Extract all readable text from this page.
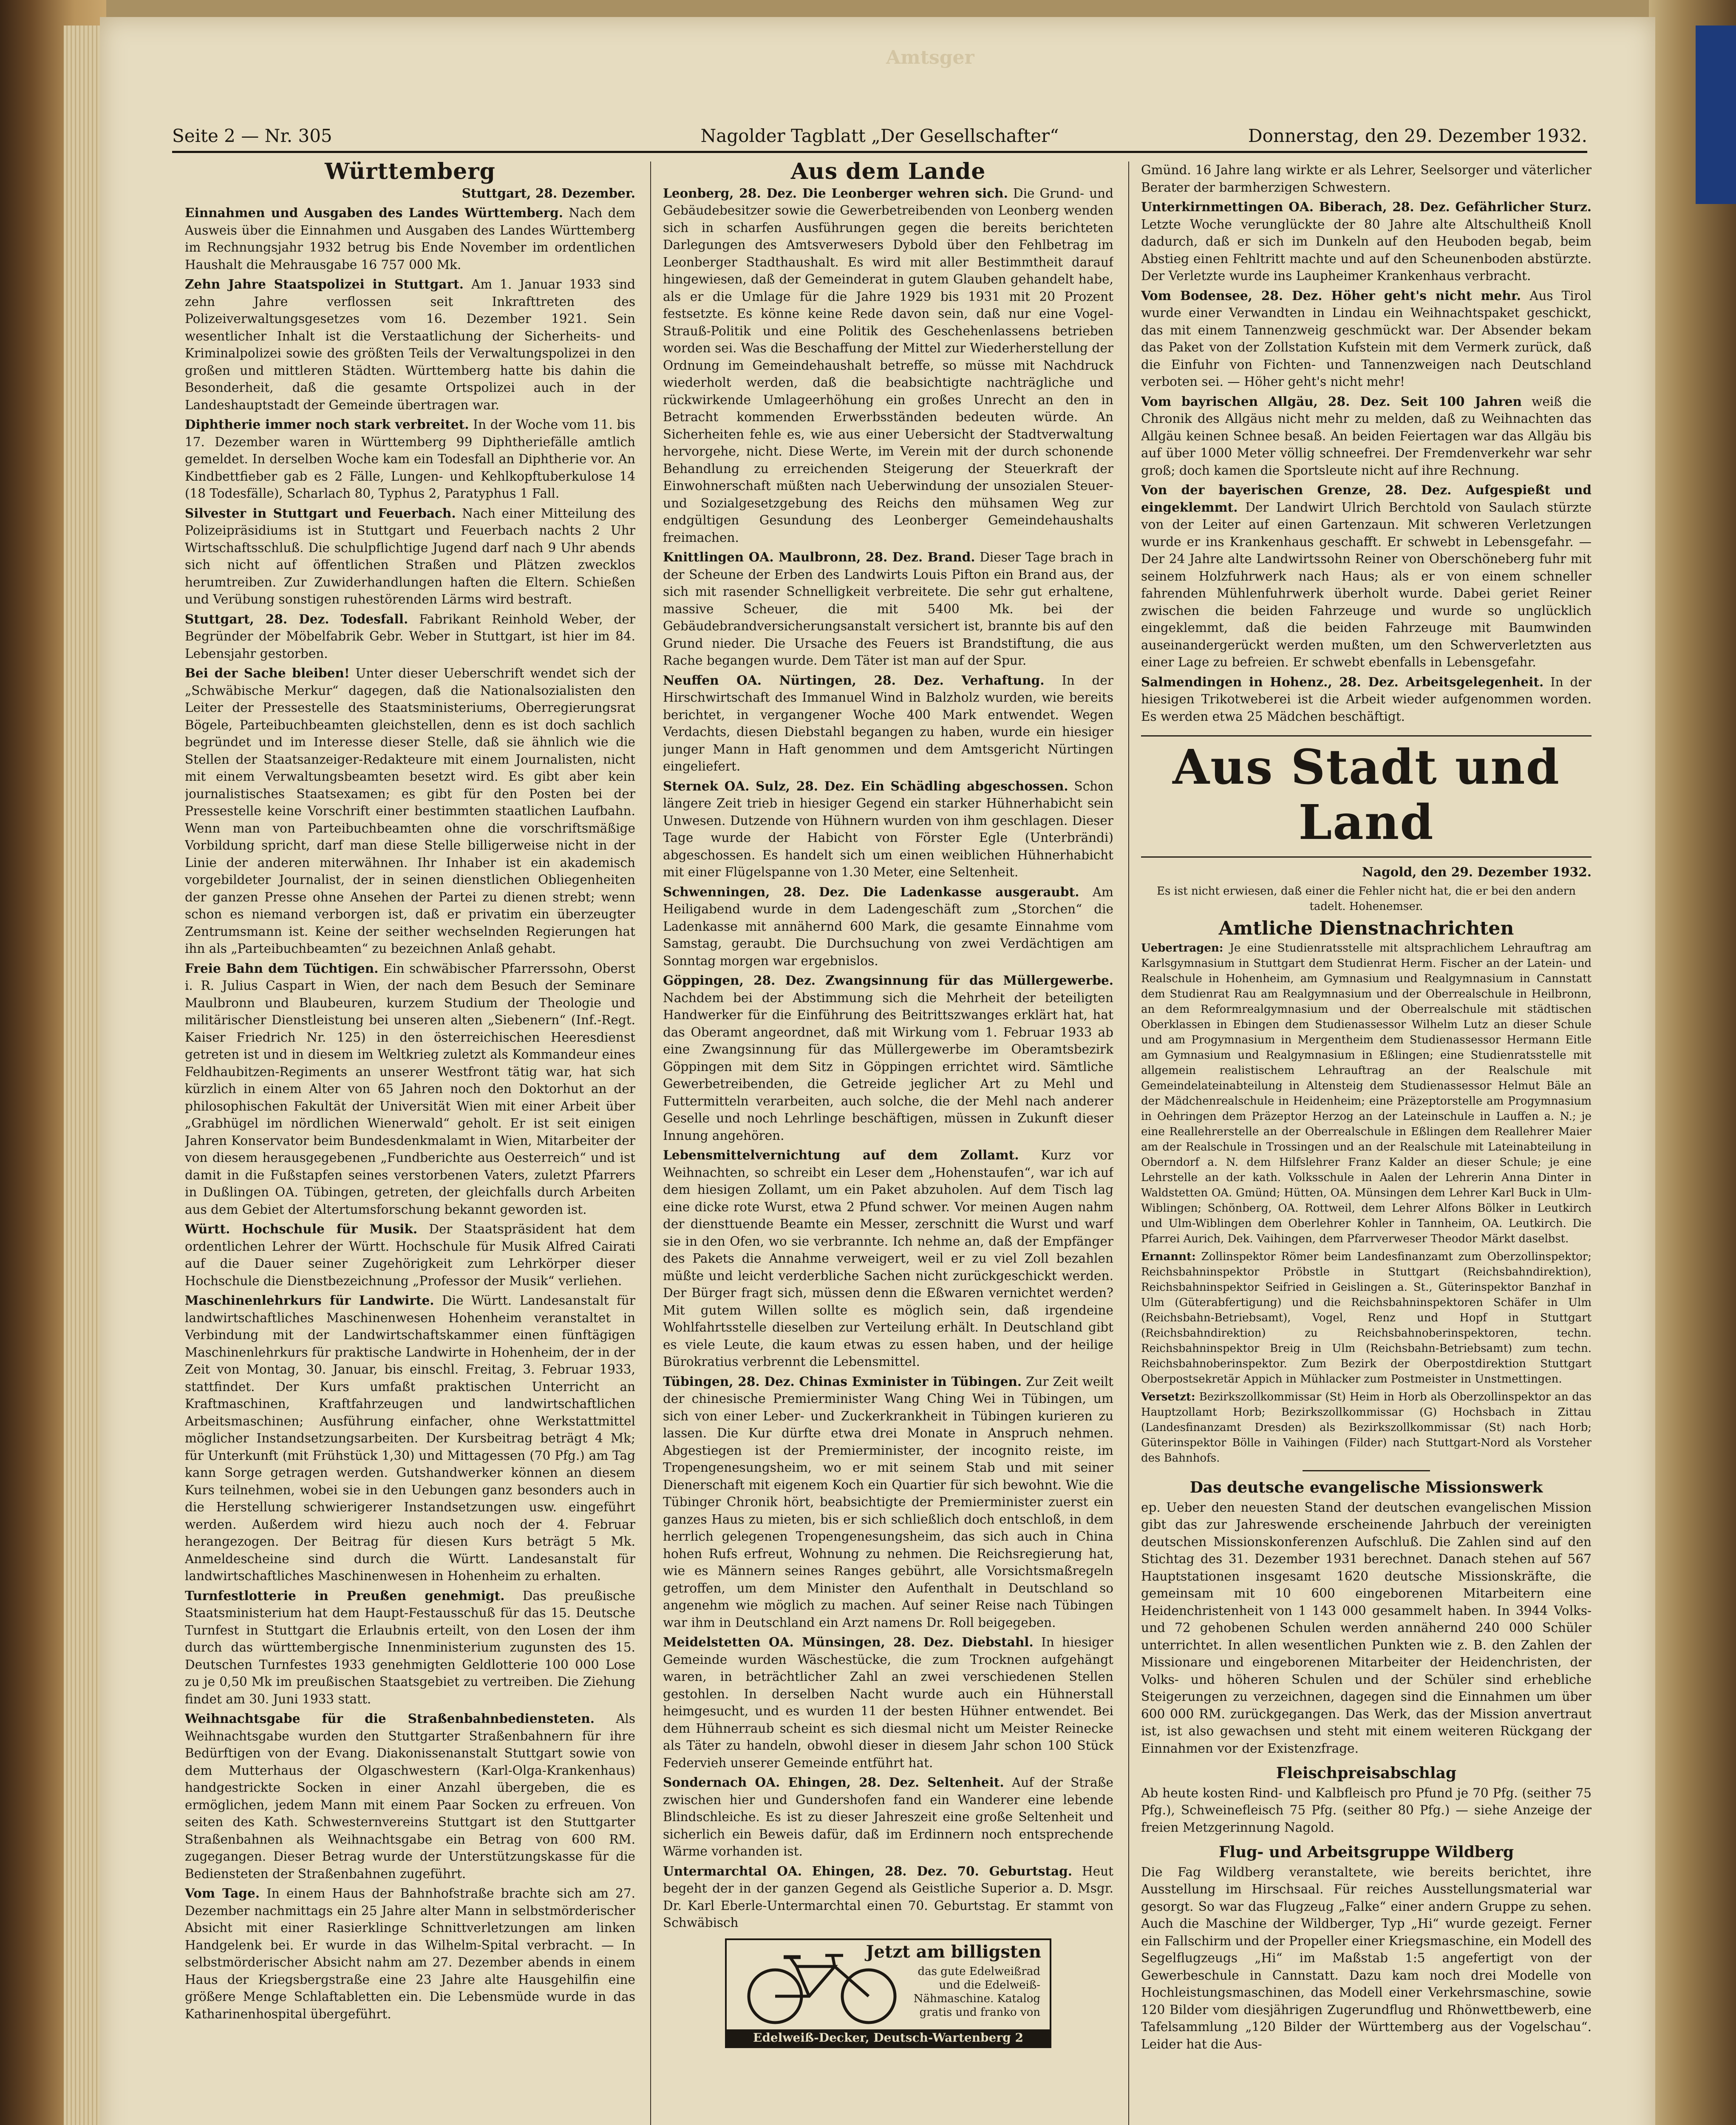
Amtsger
Seite 2 — Nr. 305	Nagolder Tagblatt „Der Gesellschafter“	Donnerstag, den 29. Dezember 1932.
Württemberg
Stuttgart, 28. Dezember.

Einnahmen und Ausgaben des Landes Württemberg. Nach dem Ausweis über die Einnahmen und Ausgaben des Landes Württemberg im Rechnungsjahr 1932 betrug bis Ende November im ordentlichen Haushalt die Mehrausgabe 16 757 000 Mk.

Zehn Jahre Staatspolizei in Stuttgart. Am 1. Januar 1933 sind zehn Jahre verflossen seit Inkrafttreten des Polizeiverwaltungsgesetzes vom 16. Dezember 1921. Sein wesentlicher Inhalt ist die Verstaatlichung der Sicherheits- und Kriminalpolizei sowie des größten Teils der Verwaltungspolizei in den großen und mittleren Städten. Württemberg hatte bis dahin die Besonderheit, daß die gesamte Ortspolizei auch in der Landeshauptstadt der Gemeinde übertragen war.

Diphtherie immer noch stark verbreitet. In der Woche vom 11. bis 17. Dezember waren in Württemberg 99 Diphtheriefälle amtlich gemeldet. In derselben Woche kam ein Todesfall an Diphtherie vor. An Kindbettfieber gab es 2 Fälle, Lungen- und Kehlkopftuberkulose 14 (18 Todesfälle), Scharlach 80, Typhus 2, Paratyphus 1 Fall.

Silvester in Stuttgart und Feuerbach. Nach einer Mitteilung des Polizeipräsidiums ist in Stuttgart und Feuerbach nachts 2 Uhr Wirtschaftsschluß. Die schulpflichtige Jugend darf nach 9 Uhr abends sich nicht auf öffentlichen Straßen und Plätzen zwecklos herumtreiben. Zur Zuwiderhandlungen haften die Eltern. Schießen und Verübung sonstigen ruhestörenden Lärms wird bestraft.

Stuttgart, 28. Dez. Todesfall. Fabrikant Reinhold Weber, der Begründer der Möbelfabrik Gebr. Weber in Stuttgart, ist hier im 84. Lebensjahr gestorben.

Bei der Sache bleiben! Unter dieser Ueberschrift wendet sich der „Schwäbische Merkur“ dagegen, daß die Nationalsozialisten den Leiter der Pressestelle des Staatsministeriums, Oberregierungsrat Bögele, Parteibuchbeamten gleichstellen, denn es ist doch sachlich begründet und im Interesse dieser Stelle, daß sie ähnlich wie die Stellen der Staatsanzeiger-Redakteure mit einem Journalisten, nicht mit einem Verwaltungsbeamten besetzt wird. Es gibt aber kein journalistisches Staatsexamen; es gibt für den Posten bei der Pressestelle keine Vorschrift einer bestimmten staatlichen Laufbahn. Wenn man von Parteibuchbeamten ohne die vorschriftsmäßige Vorbildung spricht, darf man diese Stelle billigerweise nicht in der Linie der anderen miterwähnen. Ihr Inhaber ist ein akademisch vorgebildeter Journalist, der in seinen dienstlichen Obliegenheiten der ganzen Presse ohne Ansehen der Partei zu dienen strebt; wenn schon es niemand verborgen ist, daß er privatim ein überzeugter Zentrumsmann ist. Keine der seither wechselnden Regierungen hat ihn als „Parteibuchbeamten“ zu bezeichnen Anlaß gehabt.

Freie Bahn dem Tüchtigen. Ein schwäbischer Pfarrerssohn, Oberst i. R. Julius Caspart in Wien, der nach dem Besuch der Seminare Maulbronn und Blaubeuren, kurzem Studium der Theologie und militärischer Dienstleistung bei unseren alten „Siebenern“ (Inf.-Regt. Kaiser Friedrich Nr. 125) in den österreichischen Heeresdienst getreten ist und in diesem im Weltkrieg zuletzt als Kommandeur eines Feldhaubitzen-Regiments an unserer Westfront tätig war, hat sich kürzlich in einem Alter von 65 Jahren noch den Doktorhut an der philosophischen Fakultät der Universität Wien mit einer Arbeit über „Grabhügel im nördlichen Wienerwald“ geholt. Er ist seit einigen Jahren Konservator beim Bundesdenkmalamt in Wien, Mitarbeiter der von diesem herausgegebenen „Fundberichte aus Oesterreich“ und ist damit in die Fußstapfen seines verstorbenen Vaters, zuletzt Pfarrers in Dußlingen OA. Tübingen, getreten, der gleichfalls durch Arbeiten aus dem Gebiet der Altertumsforschung bekannt geworden ist.

Württ. Hochschule für Musik. Der Staatspräsident hat dem ordentlichen Lehrer der Württ. Hochschule für Musik Alfred Cairati auf die Dauer seiner Zugehörigkeit zum Lehrkörper dieser Hochschule die Dienstbezeichnung „Professor der Musik“ verliehen.

Maschinenlehrkurs für Landwirte. Die Württ. Landesanstalt für landwirtschaftliches Maschinenwesen Hohenheim veranstaltet in Verbindung mit der Landwirtschaftskammer einen fünftägigen Maschinenlehrkurs für praktische Landwirte in Hohenheim, der in der Zeit von Montag, 30. Januar, bis einschl. Freitag, 3. Februar 1933, stattfindet. Der Kurs umfaßt praktischen Unterricht an Kraftmaschinen, Kraftfahrzeugen und landwirtschaftlichen Arbeitsmaschinen; Ausführung einfacher, ohne Werkstattmittel möglicher Instandsetzungsarbeiten. Der Kursbeitrag beträgt 4 Mk; für Unterkunft (mit Frühstück 1,30) und Mittagessen (70 Pfg.) am Tag kann Sorge getragen werden. Gutshandwerker können an diesem Kurs teilnehmen, wobei sie in den Uebungen ganz besonders auch in die Herstellung schwierigerer Instandsetzungen usw. eingeführt werden. Außerdem wird hiezu auch noch der 4. Februar herangezogen. Der Beitrag für diesen Kurs beträgt 5 Mk. Anmeldescheine sind durch die Württ. Landesanstalt für landwirtschaftliches Maschinenwesen in Hohenheim zu erhalten.

Turnfestlotterie in Preußen genehmigt. Das preußische Staatsministerium hat dem Haupt-Festausschuß für das 15. Deutsche Turnfest in Stuttgart die Erlaubnis erteilt, von den Losen der ihm durch das württembergische Innenministerium zugunsten des 15. Deutschen Turnfestes 1933 genehmigten Geldlotterie 100 000 Lose zu je 0,50 Mk im preußischen Staatsgebiet zu vertreiben. Die Ziehung findet am 30. Juni 1933 statt.

Weihnachtsgabe für die Straßenbahnbediensteten. Als Weihnachtsgabe wurden den Stuttgarter Straßenbahnern für ihre Bedürftigen von der Evang. Diakonissenanstalt Stuttgart sowie von dem Mutterhaus der Olgaschwestern (Karl-Olga-Krankenhaus) handgestrickte Socken in einer Anzahl übergeben, die es ermöglichen, jedem Mann mit einem Paar Socken zu erfreuen. Von seiten des Kath. Schwesternvereins Stuttgart ist den Stuttgarter Straßenbahnen als Weihnachtsgabe ein Betrag von 600 RM. zugegangen. Dieser Betrag wurde der Unterstützungskasse für die Bediensteten der Straßenbahnen zugeführt.

Vom Tage. In einem Haus der Bahnhofstraße brachte sich am 27. Dezember nachmittags ein 25 Jahre alter Mann in selbstmörderischer Absicht mit einer Rasierklinge Schnittverletzungen am linken Handgelenk bei. Er wurde in das Wilhelm-Spital verbracht. — In selbstmörderischer Absicht nahm am 27. Dezember abends in einem Haus der Kriegsbergstraße eine 23 Jahre alte Hausgehilfin eine größere Menge Schlaftabletten ein. Die Lebensmüde wurde in das Katharinenhospital übergeführt.

Aus dem Lande

Leonberg, 28. Dez. Die Leonberger wehren sich. Die Grund- und Gebäudebesitzer sowie die Gewerbetreibenden von Leonberg wenden sich in scharfen Ausführungen gegen die bereits berichteten Darlegungen des Amtsverwesers Dybold über den Fehlbetrag im Leonberger Stadthaushalt. Es wird mit aller Bestimmtheit darauf hingewiesen, daß der Gemeinderat in gutem Glauben gehandelt habe, als er die Umlage für die Jahre 1929 bis 1931 mit 20 Prozent festsetzte. Es könne keine Rede davon sein, daß nur eine Vogel-Strauß-Politik und eine Politik des Geschehenlassens betrieben worden sei. Was die Beschaffung der Mittel zur Wiederherstellung der Ordnung im Gemeindehaushalt betreffe, so müsse mit Nachdruck wiederholt werden, daß die beabsichtigte nachträgliche und rückwirkende Umlageerhöhung ein großes Unrecht an den in Betracht kommenden Erwerbsständen bedeuten würde. An Sicherheiten fehle es, wie aus einer Uebersicht der Stadtverwaltung hervorgehe, nicht. Diese Werte, im Verein mit der durch schonende Behandlung zu erreichenden Steigerung der Steuerkraft der Einwohnerschaft müßten nach Ueberwindung der unsozialen Steuer- und Sozialgesetzgebung des Reichs den mühsamen Weg zur endgültigen Gesundung des Leonberger Gemeindehaushalts freimachen.

Knittlingen OA. Maulbronn, 28. Dez. Brand. Dieser Tage brach in der Scheune der Erben des Landwirts Louis Pifton ein Brand aus, der sich mit rasender Schnelligkeit verbreitete. Die sehr gut erhaltene, massive Scheuer, die mit 5400 Mk. bei der Gebäudebrandversicherungsanstalt versichert ist, brannte bis auf den Grund nieder. Die Ursache des Feuers ist Brandstiftung, die aus Rache begangen wurde. Dem Täter ist man auf der Spur.

Neuffen OA. Nürtingen, 28. Dez. Verhaftung. In der Hirschwirtschaft des Immanuel Wind in Balzholz wurden, wie bereits berichtet, in vergangener Woche 400 Mark entwendet. Wegen Verdachts, diesen Diebstahl begangen zu haben, wurde ein hiesiger junger Mann in Haft genommen und dem Amtsgericht Nürtingen eingeliefert.

Sternek OA. Sulz, 28. Dez. Ein Schädling abgeschossen. Schon längere Zeit trieb in hiesiger Gegend ein starker Hühnerhabicht sein Unwesen. Dutzende von Hühnern wurden von ihm geschlagen. Dieser Tage wurde der Habicht von Förster Egle (Unterbrändi) abgeschossen. Es handelt sich um einen weiblichen Hühnerhabicht mit einer Flügelspanne von 1.30 Meter, eine Seltenheit.

Schwenningen, 28. Dez. Die Ladenkasse ausgeraubt. Am Heiligabend wurde in dem Ladengeschäft zum „Storchen“ die Ladenkasse mit annähernd 600 Mark, die gesamte Einnahme vom Samstag, geraubt. Die Durchsuchung von zwei Verdächtigen am Sonntag morgen war ergebnislos.

Göppingen, 28. Dez. Zwangsinnung für das Müllergewerbe. Nachdem bei der Abstimmung sich die Mehrheit der beteiligten Handwerker für die Einführung des Beitrittszwanges erklärt hat, hat das Oberamt angeordnet, daß mit Wirkung vom 1. Februar 1933 ab eine Zwangsinnung für das Müllergewerbe im Oberamtsbezirk Göppingen mit dem Sitz in Göppingen errichtet wird. Sämtliche Gewerbetreibenden, die Getreide jeglicher Art zu Mehl und Futtermitteln verarbeiten, auch solche, die der Mehl nach anderer Geselle und noch Lehrlinge beschäftigen, müssen in Zukunft dieser Innung angehören.

Lebensmittelvernichtung auf dem Zollamt. Kurz vor Weihnachten, so schreibt ein Leser dem „Hohenstaufen“, war ich auf dem hiesigen Zollamt, um ein Paket abzuholen. Auf dem Tisch lag eine dicke rote Wurst, etwa 2 Pfund schwer. Vor meinen Augen nahm der diensttuende Beamte ein Messer, zerschnitt die Wurst und warf sie in den Ofen, wo sie verbrannte. Ich nehme an, daß der Empfänger des Pakets die Annahme verweigert, weil er zu viel Zoll bezahlen müßte und leicht verderbliche Sachen nicht zurückgeschickt werden. Der Bürger fragt sich, müssen denn die Eßwaren vernichtet werden? Mit gutem Willen sollte es möglich sein, daß irgendeine Wohlfahrtsstelle dieselben zur Verteilung erhält. In Deutschland gibt es viele Leute, die kaum etwas zu essen haben, und der heilige Bürokratius verbrennt die Lebensmittel.

Tübingen, 28. Dez. Chinas Exminister in Tübingen. Zur Zeit weilt der chinesische Premierminister Wang Ching Wei in Tübingen, um sich von einer Leber- und Zuckerkrankheit in Tübingen kurieren zu lassen. Die Kur dürfte etwa drei Monate in Anspruch nehmen. Abgestiegen ist der Premierminister, der incognito reiste, im Tropengenesungsheim, wo er mit seinem Stab und mit seiner Dienerschaft mit eigenem Koch ein Quartier für sich bewohnt. Wie die Tübinger Chronik hört, beabsichtigte der Premierminister zuerst ein ganzes Haus zu mieten, bis er sich schließlich doch entschloß, in dem herrlich gelegenen Tropengenesungsheim, das sich auch in China hohen Rufs erfreut, Wohnung zu nehmen. Die Reichsregierung hat, wie es Männern seines Ranges gebührt, alle Vorsichtsmaßregeln getroffen, um dem Minister den Aufenthalt in Deutschland so angenehm wie möglich zu machen. Auf seiner Reise nach Tübingen war ihm in Deutschland ein Arzt namens Dr. Roll beigegeben.

Meidelstetten OA. Münsingen, 28. Dez. Diebstahl. In hiesiger Gemeinde wurden Wäschestücke, die zum Trocknen aufgehängt waren, in beträchtlicher Zahl an zwei verschiedenen Stellen gestohlen. In derselben Nacht wurde auch ein Hühnerstall heimgesucht, und es wurden 11 der besten Hühner entwendet. Bei dem Hühnerraub scheint es sich diesmal nicht um Meister Reinecke als Täter zu handeln, obwohl dieser in diesem Jahr schon 100 Stück Federvieh unserer Gemeinde entführt hat.

Sondernach OA. Ehingen, 28. Dez. Seltenheit. Auf der Straße zwischen hier und Gundershofen fand ein Wanderer eine lebende Blindschleiche. Es ist zu dieser Jahreszeit eine große Seltenheit und sicherlich ein Beweis dafür, daß im Erdinnern noch entsprechende Wärme vorhanden ist.

Untermarchtal OA. Ehingen, 28. Dez. 70. Geburtstag. Heut begeht der in der ganzen Gegend als Geistliche Superior a. D. Msgr. Dr. Karl Eberle-Untermarchtal einen 70. Geburtstag. Er stammt von Schwäbisch

Jetzt am billigsten
das gute Edelweißrad und die Edelweiß-Nähmaschine. Katalog gratis und franko von
Edelweiß-Decker, Deutsch-Wartenberg 2

Gmünd. 16 Jahre lang wirkte er als Lehrer, Seelsorger und väterlicher Berater der barmherzigen Schwestern.

Unterkirnmettingen OA. Biberach, 28. Dez. Gefährlicher Sturz. Letzte Woche verunglückte der 80 Jahre alte Altschultheiß Knoll dadurch, daß er sich im Dunkeln auf den Heuboden begab, beim Abstieg einen Fehltritt machte und auf den Scheunenboden abstürzte. Der Verletzte wurde ins Laupheimer Krankenhaus verbracht.

Vom Bodensee, 28. Dez. Höher geht's nicht mehr. Aus Tirol wurde einer Verwandten in Lindau ein Weihnachtspaket geschickt, das mit einem Tannenzweig geschmückt war. Der Absender bekam das Paket von der Zollstation Kufstein mit dem Vermerk zurück, daß die Einfuhr von Fichten- und Tannenzweigen nach Deutschland verboten sei. — Höher geht's nicht mehr!

Vom bayrischen Allgäu, 28. Dez. Seit 100 Jahren weiß die Chronik des Allgäus nicht mehr zu melden, daß zu Weihnachten das Allgäu keinen Schnee besaß. An beiden Feiertagen war das Allgäu bis auf über 1000 Meter völlig schneefrei. Der Fremdenverkehr war sehr groß; doch kamen die Sportsleute nicht auf ihre Rechnung.

Von der bayerischen Grenze, 28. Dez. Aufgespießt und eingeklemmt. Der Landwirt Ulrich Berchtold von Saulach stürzte von der Leiter auf einen Gartenzaun. Mit schweren Verletzungen wurde er ins Krankenhaus geschafft. Er schwebt in Lebensgefahr. — Der 24 Jahre alte Landwirtssohn Reiner von Oberschöneberg fuhr mit seinem Holzfuhrwerk nach Haus; als er von einem schneller fahrenden Mühlenfuhrwerk überholt wurde. Dabei geriet Reiner zwischen die beiden Fahrzeuge und wurde so unglücklich eingeklemmt, daß die beiden Fahrzeuge mit Baumwinden auseinandergerückt werden mußten, um den Schwerverletzten aus einer Lage zu befreien. Er schwebt ebenfalls in Lebensgefahr.

Salmendingen in Hohenz., 28. Dez. Arbeitsgelegenheit. In der hiesigen Trikotweberei ist die Arbeit wieder aufgenommen worden. Es werden etwa 25 Mädchen beschäftigt.

Aus Stadt und Land
Nagold, den 29. Dezember 1932.

Es ist nicht erwiesen, daß einer die Fehler nicht hat, die er bei den andern tadelt. Hohenemser.

Amtliche Dienstnachrichten

Uebertragen: Je eine Studienratsstelle mit altsprachlichem Lehrauftrag am Karlsgymnasium in Stuttgart dem Studienrat Herm. Fischer an der Latein- und Realschule in Hohenheim, am Gymnasium und Realgymnasium in Cannstatt dem Studienrat Rau am Realgymnasium und der Oberrealschule in Heilbronn, an dem Reformrealgymnasium und der Oberrealschule mit städtischen Oberklassen in Ebingen dem Studienassessor Wilhelm Lutz an dieser Schule und am Progymnasium in Mergentheim dem Studienassessor Hermann Eitle am Gymnasium und Realgymnasium in Eßlingen; eine Studienratsstelle mit allgemein realistischem Lehrauftrag an der Realschule mit Gemeindelateinabteilung in Altensteig dem Studienassessor Helmut Bäle an der Mädchenrealschule in Heidenheim; eine Präzeptorstelle am Progymnasium in Oehringen dem Präzeptor Herzog an der Lateinschule in Lauffen a. N.; je eine Reallehrerstelle an der Oberrealschule in Eßlingen dem Reallehrer Maier am der Realschule in Trossingen und an der Realschule mit Lateinabteilung in Oberndorf a. N. dem Hilfslehrer Franz Kalder an dieser Schule; je eine Lehrstelle an der kath. Volksschule in Aalen der Lehrerin Anna Dinter in Waldstetten OA. Gmünd; Hütten, OA. Münsingen dem Lehrer Karl Buck in Ulm-Wiblingen; Schönberg, OA. Rottweil, dem Lehrer Alfons Bölker in Leutkirch und Ulm-Wiblingen dem Oberlehrer Kohler in Tannheim, OA. Leutkirch. Die Pfarrei Aurich, Dek. Vaihingen, dem Pfarrverweser Theodor Märkt daselbst.

Ernannt: Zollinspektor Römer beim Landesfinanzamt zum Oberzollinspektor; Reichsbahninspektor Pröbstle in Stuttgart (Reichsbahndirektion), Reichsbahninspektor Seifried in Geislingen a. St., Güterinspektor Banzhaf in Ulm (Güterabfertigung) und die Reichsbahninspektoren Schäfer in Ulm (Reichsbahn-Betriebsamt), Vogel, Renz und Hopf in Stuttgart (Reichsbahndirektion) zu Reichsbahnoberinspektoren, techn. Reichsbahninspektor Breig in Ulm (Reichsbahn-Betriebsamt) zum techn. Reichsbahnoberinspektor. Zum Bezirk der Oberpostdirektion Stuttgart Oberpostsekretär Appich in Mühlacker zum Postmeister in Unstmettingen.

Versetzt: Bezirkszollkommissar (St) Heim in Horb als Oberzollinspektor an das Hauptzollamt Horb; Bezirkszollkommissar (G) Hochsbach in Zittau (Landesfinanzamt Dresden) als Bezirkszollkommissar (St) nach Horb; Güterinspektor Bölle in Vaihingen (Filder) nach Stuttgart-Nord als Vorsteher des Bahnhofs.

Das deutsche evangelische Missionswerk

ep. Ueber den neuesten Stand der deutschen evangelischen Mission gibt das zur Jahreswende erscheinende Jahrbuch der vereinigten deutschen Missionskonferenzen Aufschluß. Die Zahlen sind auf den Stichtag des 31. Dezember 1931 berechnet. Danach stehen auf 567 Hauptstationen insgesamt 1620 deutsche Missionskräfte, die gemeinsam mit 10 600 eingeborenen Mitarbeitern eine Heidenchristenheit von 1 143 000 gesammelt haben. In 3944 Volks- und 72 gehobenen Schulen werden annähernd 240 000 Schüler unterrichtet. In allen wesentlichen Punkten wie z. B. den Zahlen der Missionare und eingeborenen Mitarbeiter der Heidenchristen, der Volks- und höheren Schulen und der Schüler sind erhebliche Steigerungen zu verzeichnen, dagegen sind die Einnahmen um über 600 000 RM. zurückgegangen. Das Werk, das der Mission anvertraut ist, ist also gewachsen und steht mit einem weiteren Rückgang der Einnahmen vor der Existenzfrage.

Fleischpreisabschlag

Ab heute kosten Rind- und Kalbfleisch pro Pfund je 70 Pfg. (seither 75 Pfg.), Schweinefleisch 75 Pfg. (seither 80 Pfg.) — siehe Anzeige der freien Metzgerinnung Nagold.

Flug- und Arbeitsgruppe Wildberg

Die Fag Wildberg veranstaltete, wie bereits berichtet, ihre Ausstellung im Hirschsaal. Für reiches Ausstellungsmaterial war gesorgt. So war das Flugzeug „Falke“ einer andern Gruppe zu sehen. Auch die Maschine der Wildberger, Typ „Hi“ wurde gezeigt. Ferner ein Fallschirm und der Propeller einer Kriegsmaschine, ein Modell des Segelflugzeugs „Hi“ im Maßstab 1:5 angefertigt von der Gewerbeschule in Cannstatt. Dazu kam noch drei Modelle von Hochleistungsmaschinen, das Modell einer Verkehrsmaschine, sowie 120 Bilder vom diesjährigen Zugerundflug und Rhönwettbewerb, eine Tafelsammlung „120 Bilder der Württemberg aus der Vogelschau“. Leider hat die Aus-
